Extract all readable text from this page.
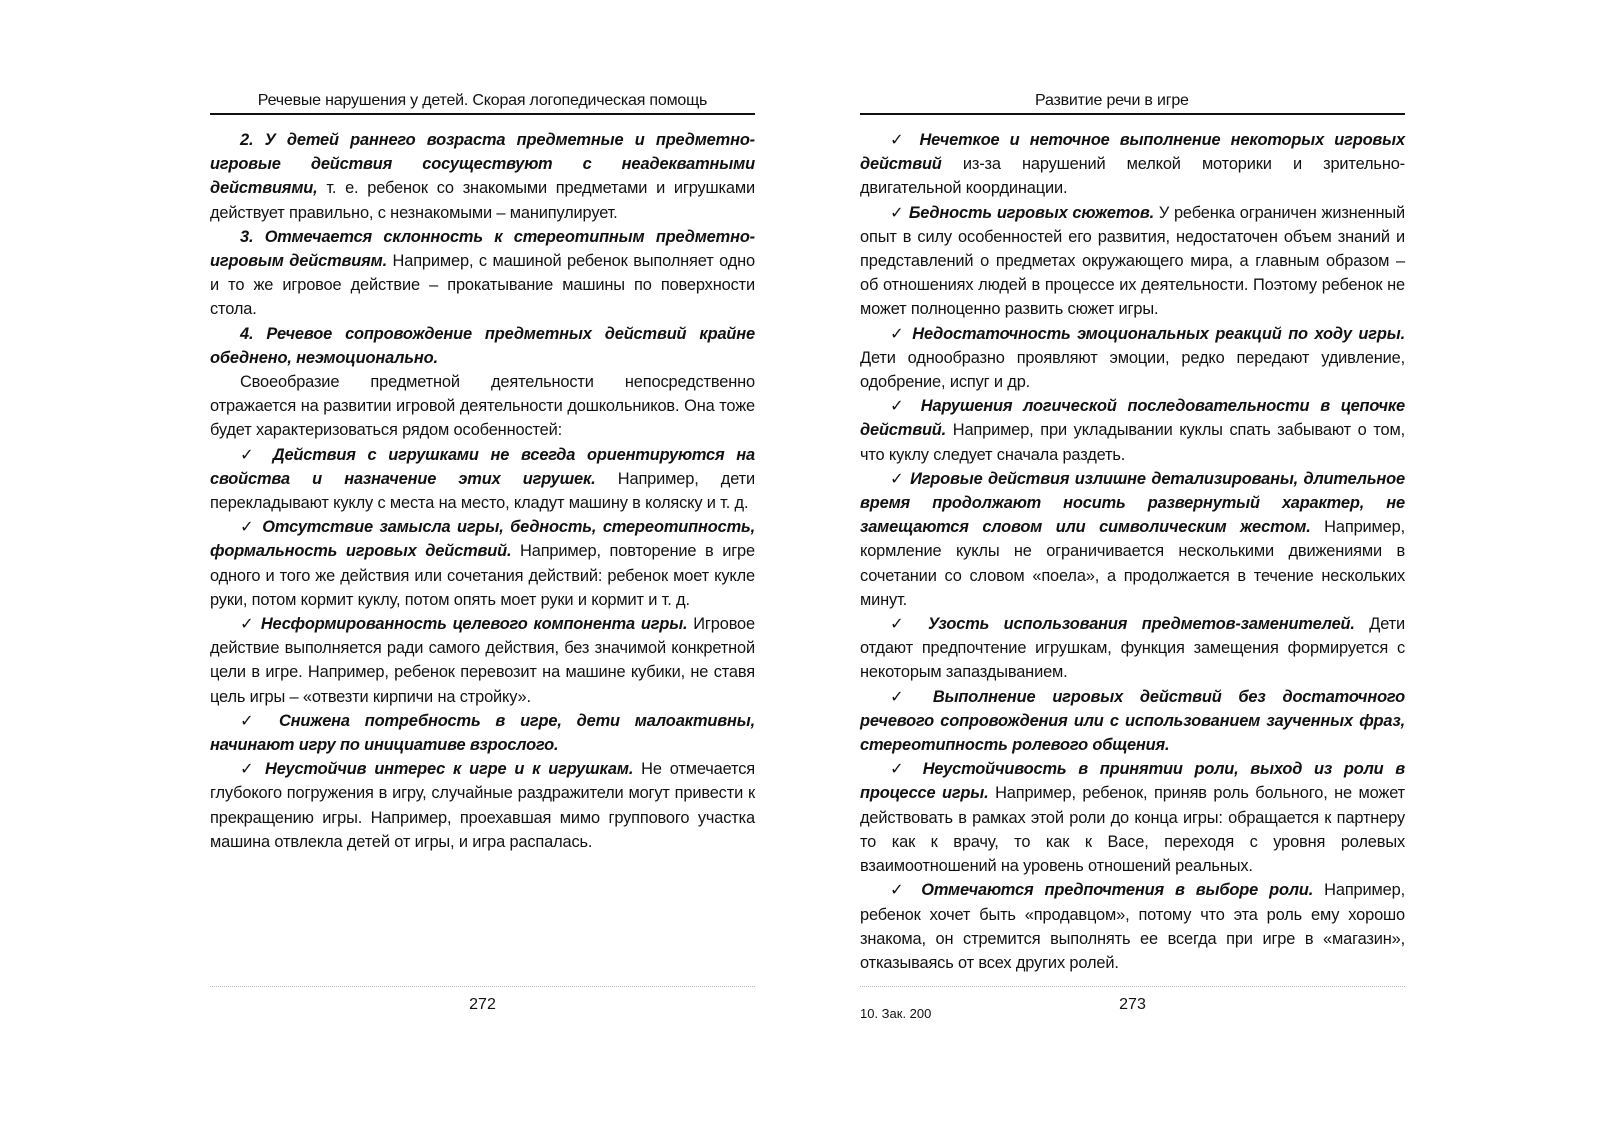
Речевые нарушения у детей. Скорая логопедическая помощь

2. У детей раннего возраста предметные и предметно-игровые действия сосуществуют с неадекватными действиями, т. е. ребенок со знакомыми предметами и игрушками действует правильно, с незнакомыми – манипулирует.

3. Отмечается склонность к стереотипным предметно-игровым действиям. Например, с машиной ребенок выполняет одно и то же игровое действие – прокатывание машины по поверхности стола.

4. Речевое сопровождение предметных действий крайне обеднено, неэмоционально.

Своеобразие предметной деятельности непосредственно отражается на развитии игровой деятельности дошкольников. Она тоже будет характеризоваться рядом особенностей:

✓ Действия с игрушками не всегда ориентируются на свойства и назначение этих игрушек. Например, дети перекладывают куклу с места на место, кладут машину в коляску и т. д.

✓ Отсутствие замысла игры, бедность, стереотипность, формальность игровых действий. Например, повторение в игре одного и того же действия или сочетания действий: ребенок моет кукле руки, потом кормит куклу, потом опять моет руки и кормит и т. д.

✓ Несформированность целевого компонента игры. Игровое действие выполняется ради самого действия, без значимой конкретной цели в игре. Например, ребенок перевозит на машине кубики, не ставя цель игры – «отвезти кирпичи на стройку».

✓ Снижена потребность в игре, дети малоактивны, начинают игру по инициативе взрослого.

✓ Неустойчив интерес к игре и к игрушкам. Не отмечается глубокого погружения в игру, случайные раздражители могут привести к прекращению игры. Например, проехавшая мимо группового участка машина отвлекла детей от игры, и игра распалась.

272
Развитие речи в игре

✓ Нечеткое и неточное выполнение некоторых игровых действий из-за нарушений мелкой моторики и зрительно-двигательной координации.

✓ Бедность игровых сюжетов. У ребенка ограничен жизненный опыт в силу особенностей его развития, недостаточен объем знаний и представлений о предметах окружающего мира, а главным образом – об отношениях людей в процессе их деятельности. Поэтому ребенок не может полноценно развить сюжет игры.

✓ Недостаточность эмоциональных реакций по ходу игры. Дети однообразно проявляют эмоции, редко передают удивление, одобрение, испуг и др.

✓ Нарушения логической последовательности в цепочке действий. Например, при укладывании куклы спать забывают о том, что куклу следует сначала раздеть.

✓ Игровые действия излишне детализированы, длительное время продолжают носить развернутый характер, не замещаются словом или символическим жестом. Например, кормление куклы не ограничивается несколькими движениями в сочетании со словом «поела», а продолжается в течение нескольких минут.

✓ Узость использования предметов-заменителей. Дети отдают предпочтение игрушкам, функция замещения формируется с некоторым запаздыванием.

✓ Выполнение игровых действий без достаточного речевого сопровождения или с использованием заученных фраз, стереотипность ролевого общения.

✓ Неустойчивость в принятии роли, выход из роли в процессе игры. Например, ребенок, приняв роль больного, не может действовать в рамках этой роли до конца игры: обращается к партнеру то как к врачу, то как к Васе, переходя с уровня ролевых взаимоотношений на уровень отношений реальных.

✓ Отмечаются предпочтения в выборе роли. Например, ребенок хочет быть «продавцом», потому что эта роль ему хорошо знакома, он стремится выполнять ее всегда при игре в «магазин», отказываясь от всех других ролей.

10. Зак. 200
273
